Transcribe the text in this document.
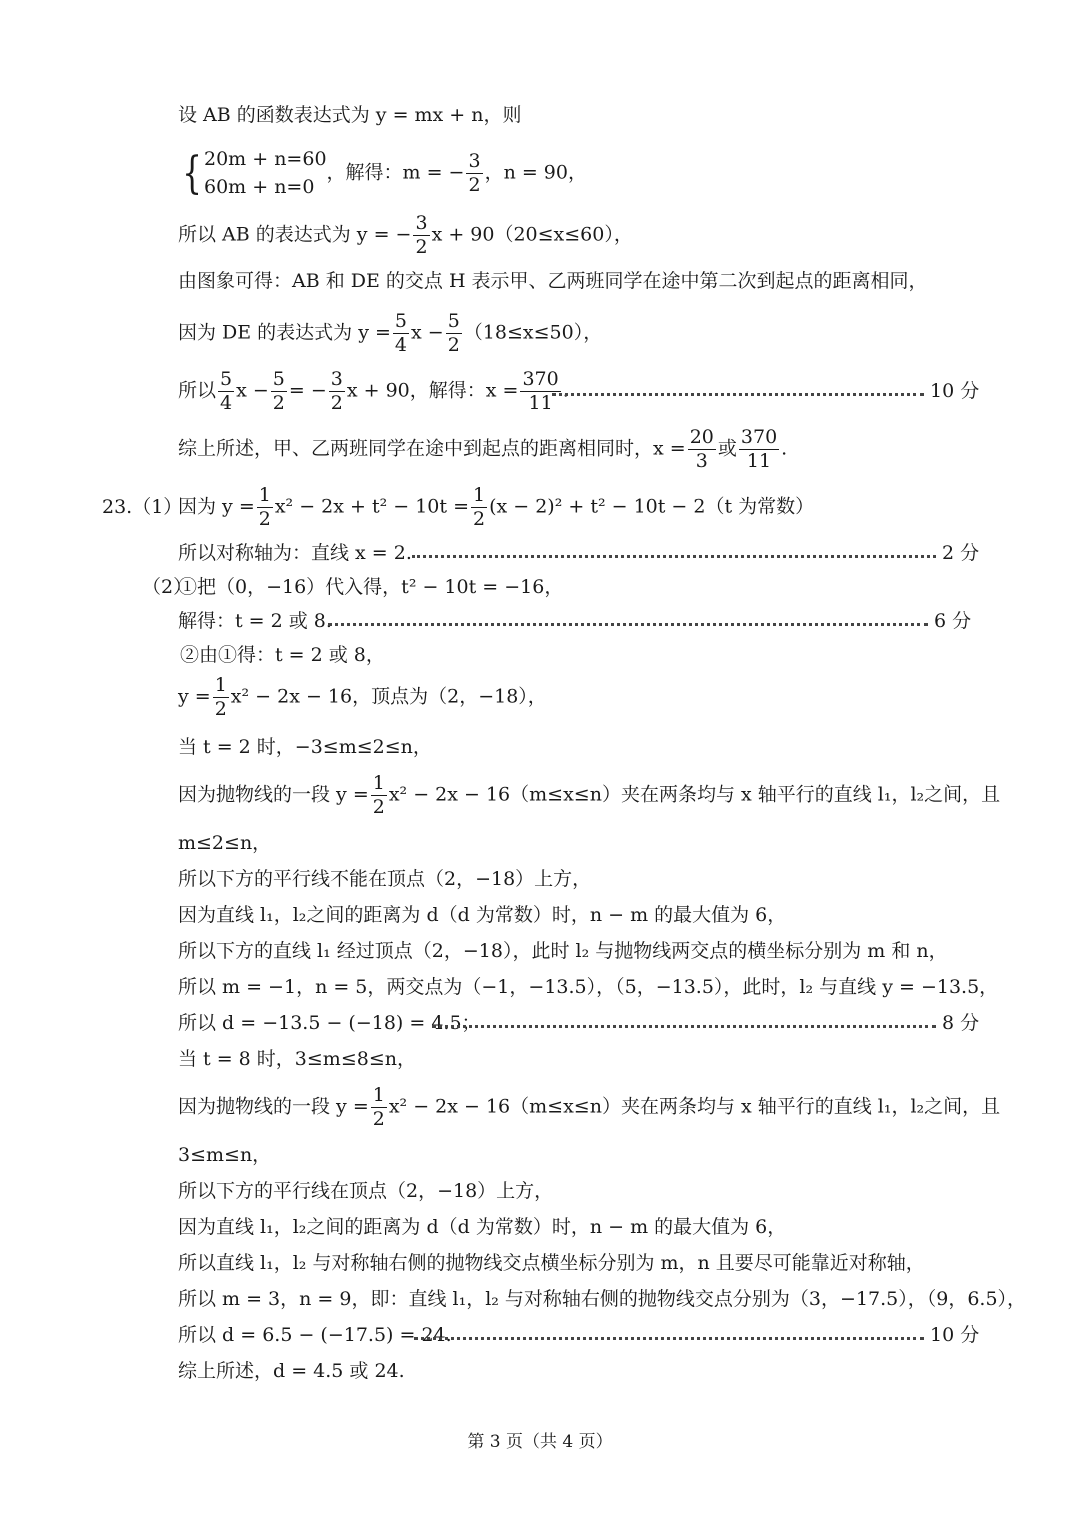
设 AB 的函数表达式为 y = mx + n，则
{ 20m + n=60
60m + n=0，解得：m = − $\frac{3}{2}$ ，n = 90，
所以 AB 的表达式为 y = − $\frac{3}{2}$ x + 90（20≤x≤60），
由图象可得：AB 和 DE 的交点 H 表示甲、乙两班同学在途中第二次到起点的距离相同，
因为 DE 的表达式为 $y = \frac{5}{4}$ $x - \frac{5}{2} (18\le x\le 50)$，
所以 $\frac{5}{4}$ $x - \frac{5}{2}$ = − $\frac{3}{2}$ x + 90，解得：$x = \frac{370}{11}$ .	10 分
综上所述，甲、乙两班同学在途中到起点的距离相同时，$x = \frac{20}{3}$ 或 $\frac{370}{11}$ .
23.（1）
因为 $y = \frac{1}{2} x^2 - 2x + t^2 - 10t = \frac{1}{2} (x - 2)^2 + t^2 - 10t - 2(t$ 为常数）
所以对称轴为：直线 x = 2.	2 分
（2）
①把（0，−16）代入得，t² − 10t = −16，
解得：t = 2 或 8.	6 分
②由①得：t = 2 或 8，
$y = \frac{1}{2} x^2 - 2x - 16$，顶点为（2，−18），
当 t = 2 时，−3≤m≤2≤n，
因为抛物线的一段 $y = \frac{1}{2} x^2 - 2x - 16(m\le x\le n)$夹在两条均与 x 轴平行的直线 l₁，l₂之间，且
m≤2≤n，
所以下方的平行线不能在顶点（2，−18）上方，
因为直线 l₁，l₂之间的距离为 d（d 为常数）时，n − m 的最大值为 6，
所以下方的直线 l₁ 经过顶点（2，−18），此时 l₂ 与抛物线两交点的横坐标分别为 m 和 n，
所以 m = −1，n = 5，两交点为（−1，−13.5），（5，−13.5），此时，l₂ 与直线 y = −13.5，
所以 d = −13.5 − (−18) = 4.5；	8 分
当 t = 8 时，3≤m≤8≤n，
因为抛物线的一段 $y = \frac{1}{2} x^2 - 2x - 16(m\le x\le n)$夹在两条均与 x 轴平行的直线 l₁，l₂之间，且
3≤m≤n，
所以下方的平行线在顶点（2，−18）上方，
因为直线 l₁，l₂之间的距离为 d（d 为常数）时，n − m 的最大值为 6，
所以直线 l₁，l₂ 与对称轴右侧的抛物线交点横坐标分别为 m，n 且要尽可能靠近对称轴，
所以 m = 3，n = 9，即：直线 l₁，l₂ 与对称轴右侧的抛物线交点分别为（3，−17.5），（9，6.5），
所以 d = 6.5 − (−17.5) = 24.	10 分
综上所述，d = 4.5 或 24.
第 3 页（共 4 页）
